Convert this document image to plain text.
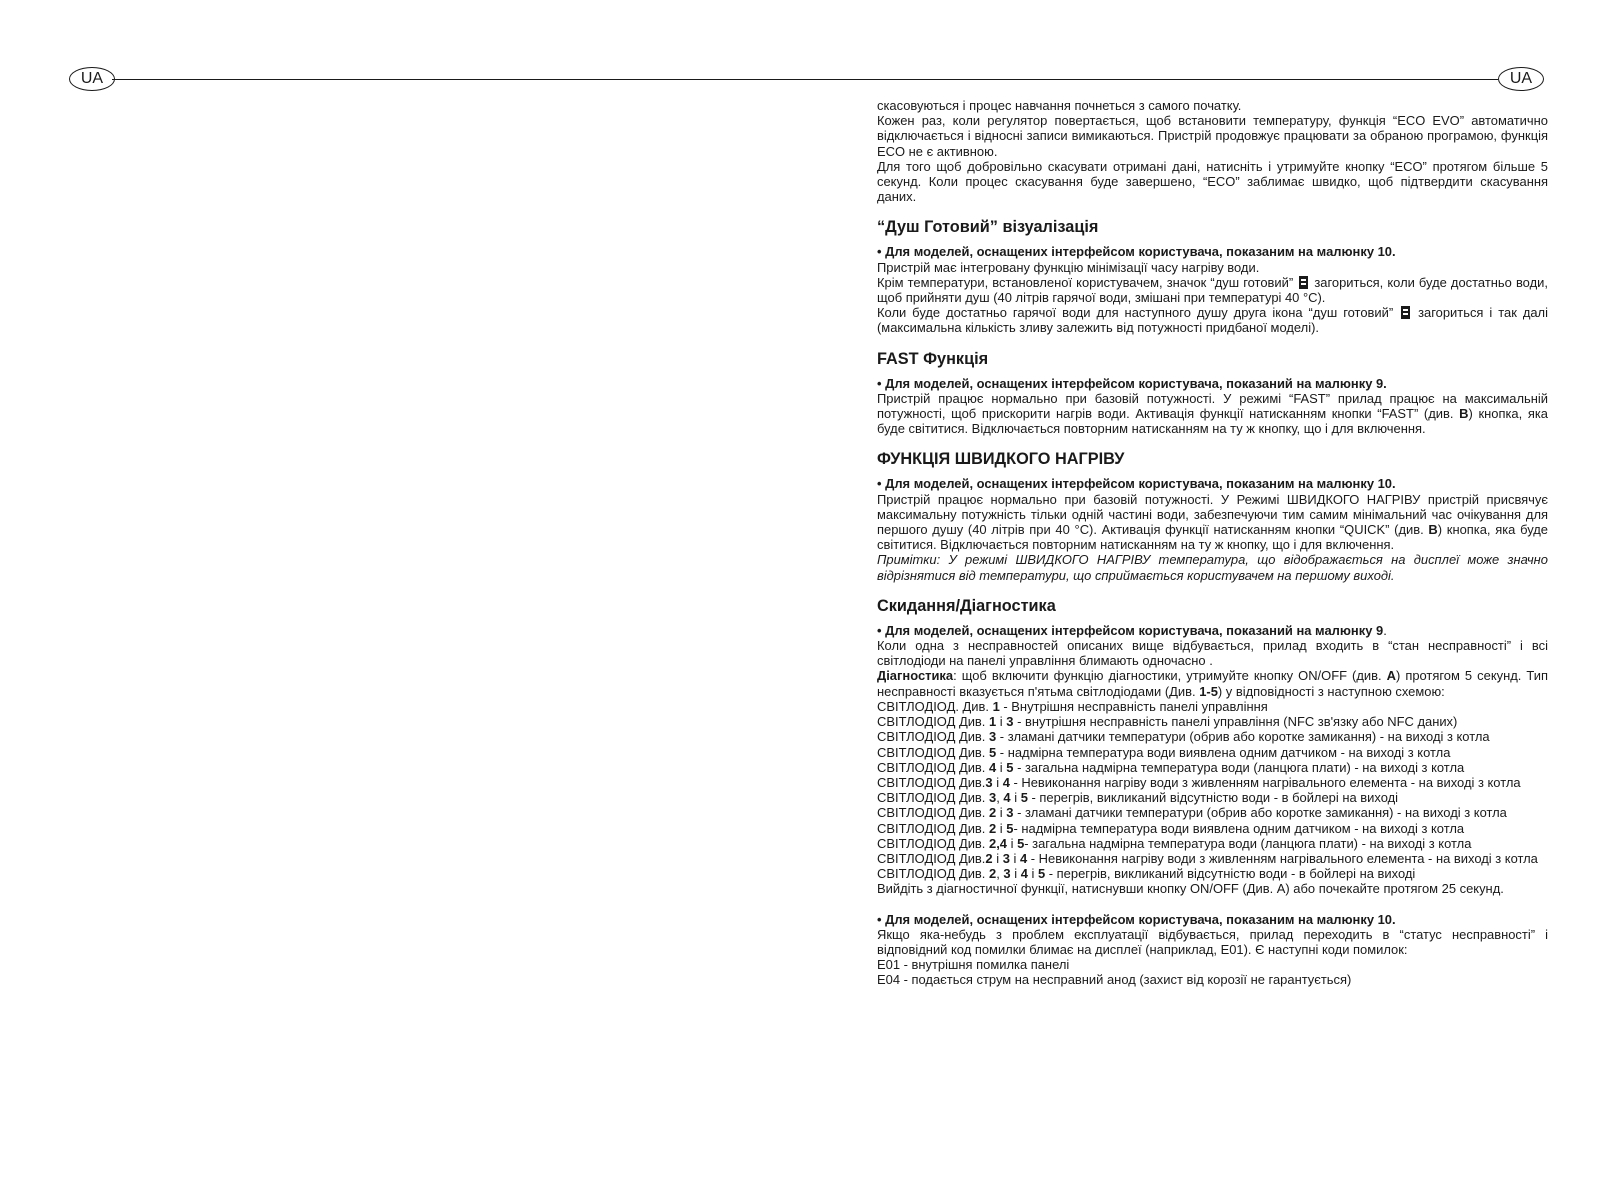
UA	UA

скасовуються і процес навчання почнеться з самого початку.

Кожен раз, коли регулятор повертається, щоб встановити температуру, функція “ECO EVO” автоматично відключається і відносні записи вимикаються. Пристрій продовжує працювати за обраною програмою, функція ECO не є активною.

Для того щоб добровільно скасувати отримані дані, натисніть і утримуйте кнопку “ECO” протягом більше 5 секунд. Коли процес скасування буде завершено, “ECO” заблимає швидко, щоб підтвердити скасування даних.

“Душ Готовий” візуалізація

• Для моделей, оснащених інтерфейсом користувача, показаним на малюнку 10.

Пристрій має інтегровану функцію мінімізації часу нагріву води.

Крім температури, встановленої користувачем, значок “душ готовий” загориться, коли буде достатньо води, щоб прийняти душ (40 літрів гарячої води, змішані при температурі 40 °C).

Коли буде достатньо гарячої води для наступного душу друга ікона “душ готовий” загориться і так далі (максимальна кількість зливу залежить від потужності придбаної моделі).

FAST Функція

• Для моделей, оснащених інтерфейсом користувача, показаний на малюнку 9.

Пристрій працює нормально при базовій потужності. У режимі “FAST” прилад працює на максимальній потужності, щоб прискорити нагрів води. Активація функції натисканням кнопки “FAST” (див. B) кнопка, яка буде світитися. Відключається повторним натисканням на ту ж кнопку, що і для включення.

ФУНКЦІЯ ШВИДКОГО НАГРІВУ

• Для моделей, оснащених інтерфейсом користувача, показаним на малюнку 10.

Пристрій працює нормально при базовій потужності. У Режимі ШВИДКОГО НАГРІВУ пристрій присвячує максимальну потужність тільки одній частині води, забезпечуючи тим самим мінімальний час очікування для першого душу (40 літрів при 40 °C). Активація функції натисканням кнопки “QUICK” (див. B) кнопка, яка буде світитися. Відключається повторним натисканням на ту ж кнопку, що і для включення.

Примітки: У режимі ШВИДКОГО НАГРІВУ температура, що відображається на дисплеї може значно відрізнятися від температури, що сприймається користувачем на першому виході.

Скидання/Діагностика

• Для моделей, оснащених інтерфейсом користувача, показаний на малюнку 9.

Коли одна з несправностей описаних вище відбувається, прилад входить в “стан несправності” і всі світлодіоди на панелі управління блимають одночасно .

Діагностика: щоб включити функцію діагностики, утримуйте кнопку ON/OFF (див. A) протягом 5 секунд. Тип несправності вказується п'ятьма світлодіодами (Див. 1-5) у відповідності з наступною схемою:

СВІТЛОДІОД. Див. 1 - Внутрішня несправність панелі управління

СВІТЛОДІОД Див. 1 і 3 - внутрішня несправність панелі управління (NFC зв'язку або NFC даних)

СВІТЛОДІОД Див. 3 - зламані датчики температури (обрив або коротке замикання) - на виході з котла

СВІТЛОДІОД Див. 5 - надмірна температура води виявлена одним датчиком - на виході з котла

СВІТЛОДІОД Див. 4 і 5 - загальна надмірна температура води (ланцюга плати) - на виході з котла

СВІТЛОДІОД Див.3 і 4 - Невиконання нагріву води з живленням нагрівального елемента - на виході з котла

СВІТЛОДІОД Див. 3, 4 і 5 - перегрів, викликаний відсутністю води - в бойлері на виході

СВІТЛОДІОД Див. 2 і 3 - зламані датчики температури (обрив або коротке замикання) - на виході з котла

СВІТЛОДІОД Див. 2 і 5- надмірна температура води виявлена одним датчиком - на виході з котла

СВІТЛОДІОД Див. 2,4 і 5- загальна надмірна температура води (ланцюга плати) - на виході з котла

СВІТЛОДІОД Див.2 і 3 і 4 - Невиконання нагріву води з живленням нагрівального елемента - на виході з котла

СВІТЛОДІОД Див. 2, 3 і 4 і 5 - перегрів, викликаний відсутністю води - в бойлері на виході

Вийдіть з діагностичної функції, натиснувши кнопку ON/OFF (Див. А) або почекайте протягом 25 секунд.

• Для моделей, оснащених інтерфейсом користувача, показаним на малюнку 10.

Якщо яка-небудь з проблем експлуатації відбувається, прилад переходить в “статус несправності” і відповідний код помилки блимає на дисплеї (наприклад, E01). Є наступні коди помилок:

E01 - внутрішня помилка панелі

E04 - подається струм на несправний анод (захист від корозії не гарантується)
